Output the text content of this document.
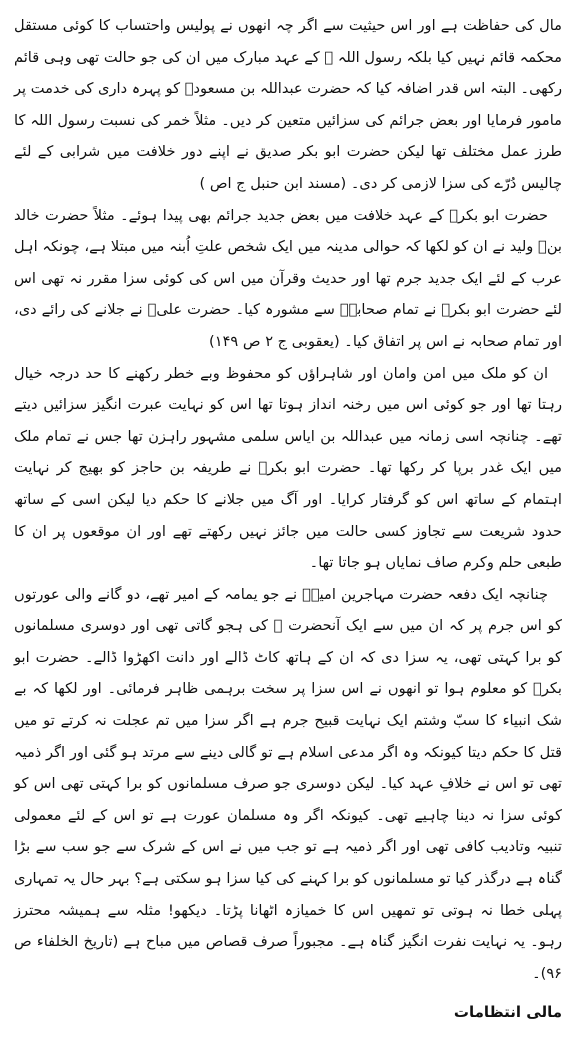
مال کی حفاظت ہے اور اس حیثیت سے اگر چہ انھوں نے پولیس واحتساب کا کوئی مستقل محکمہ قائم نہیں کیا بلکہ رسول اللہ ﷺ کے عہد مبارک میں ان کی جو حالت تھی وہی قائم رکھی۔ البتہ اس قدر اضافہ کیا کہ حضرت عبداللہ بن مسعودؓ کو پہرہ داری کی خدمت پر مامور فرمایا اور بعض جرائم کی سزائیں متعین کر دیں۔ مثلاً خمر کی نسبت رسول اللہ کا طرز عمل مختلف تھا لیکن حضرت ابو بکر صدیق نے اپنے دور خلافت میں شرابی کے لئے چالیس دُرّے کی سزا لازمی کر دی۔ (مسند ابن حنبل ج اص )

حضرت ابو بکرؓ کے عہد خلافت میں بعض جدید جرائم بھی پیدا ہوئے۔ مثلاً حضرت خالد بنؓ ولید نے ان کو لکھا کہ حوالی مدینہ میں ایک شخص علتِ اُبنہ میں مبتلا ہے، چونکہ اہل عرب کے لئے ایک جدید جرم تھا اور حدیث وقرآن میں اس کی کوئی سزا مقرر نہ تھی اس لئے حضرت ابو بکرؓ نے تمام صحابہؓ سے مشورہ کیا۔ حضرت علیؓ نے جلانے کی رائے دی، اور تمام صحابہ نے اس پر اتفاق کیا۔ (یعقوبی ج ۲ ص ۱۴۹)

ان کو ملک میں امن وامان اور شاہراؤں کو محفوظ وبے خطر رکھنے کا حد درجہ خیال رہتا تھا اور جو کوئی اس میں رخنہ انداز ہوتا تھا اس کو نہایت عبرت انگیز سزائیں دیتے تھے۔ چنانچہ اسی زمانہ میں عبداللہ بن ایاس سلمی مشہور راہزن تھا جس نے تمام ملک میں ایک غدر برپا کر رکھا تھا۔ حضرت ابو بکرؓ نے طریفہ بن حاجز کو بھیج کر نہایت اہتمام کے ساتھ اس کو گرفتار کرایا۔ اور آگ میں جلانے کا حکم دیا لیکن اسی کے ساتھ حدود شریعت سے تجاوز کسی حالت میں جائز نہیں رکھتے تھے اور ان موقعوں پر ان کا طبعی حلم وکرم صاف نمایاں ہو جاتا تھا۔

چنانچہ ایک دفعہ حضرت مہاجرین امیہؓ نے جو یمامہ کے امیر تھے، دو گانے والی عورتوں کو اس جرم پر کہ ان میں سے ایک آنحضرت ﷺ کی ہجو گاتی تھی اور دوسری مسلمانوں کو برا کہتی تھی، یہ سزا دی کہ ان کے ہاتھ کاٹ ڈالے اور دانت اکھڑوا ڈالے۔ حضرت ابو بکرؓ کو معلوم ہوا تو انھوں نے اس سزا پر سخت برہمی ظاہر فرمائی۔ اور لکھا کہ بے شک انبیاء کا سبّ وشتم ایک نہایت قبیح جرم ہے اگر سزا میں تم عجلت نہ کرتے تو میں قتل کا حکم دیتا کیونکہ وہ اگر مدعی اسلام ہے تو گالی دینے سے مرتد ہو گئی اور اگر ذمیہ تھی تو اس نے خلافِ عہد کیا۔ لیکن دوسری جو صرف مسلمانوں کو برا کہتی تھی اس کو کوئی سزا نہ دینا چاہیے تھی۔ کیونکہ اگر وہ مسلمان عورت ہے تو اس کے لئے معمولی تنبیہ وتادیب کافی تھی اور اگر ذمیہ ہے تو جب میں نے اس کے شرک سے جو سب سے بڑا گناہ ہے درگذر کیا تو مسلمانوں کو برا کہنے کی کیا سزا ہو سکتی ہے؟ بہر حال یہ تمہاری پہلی خطا نہ ہوتی تو تمھیں اس کا خمیازہ اٹھانا پڑتا۔ دیکھو! مثلہ سے ہمیشہ محترز رہو۔ یہ نہایت نفرت انگیز گناہ ہے۔ مجبوراً صرف قصاص میں مباح ہے (تاریخ الخلفاء ص ۹۶)۔

مالی انتظامات
